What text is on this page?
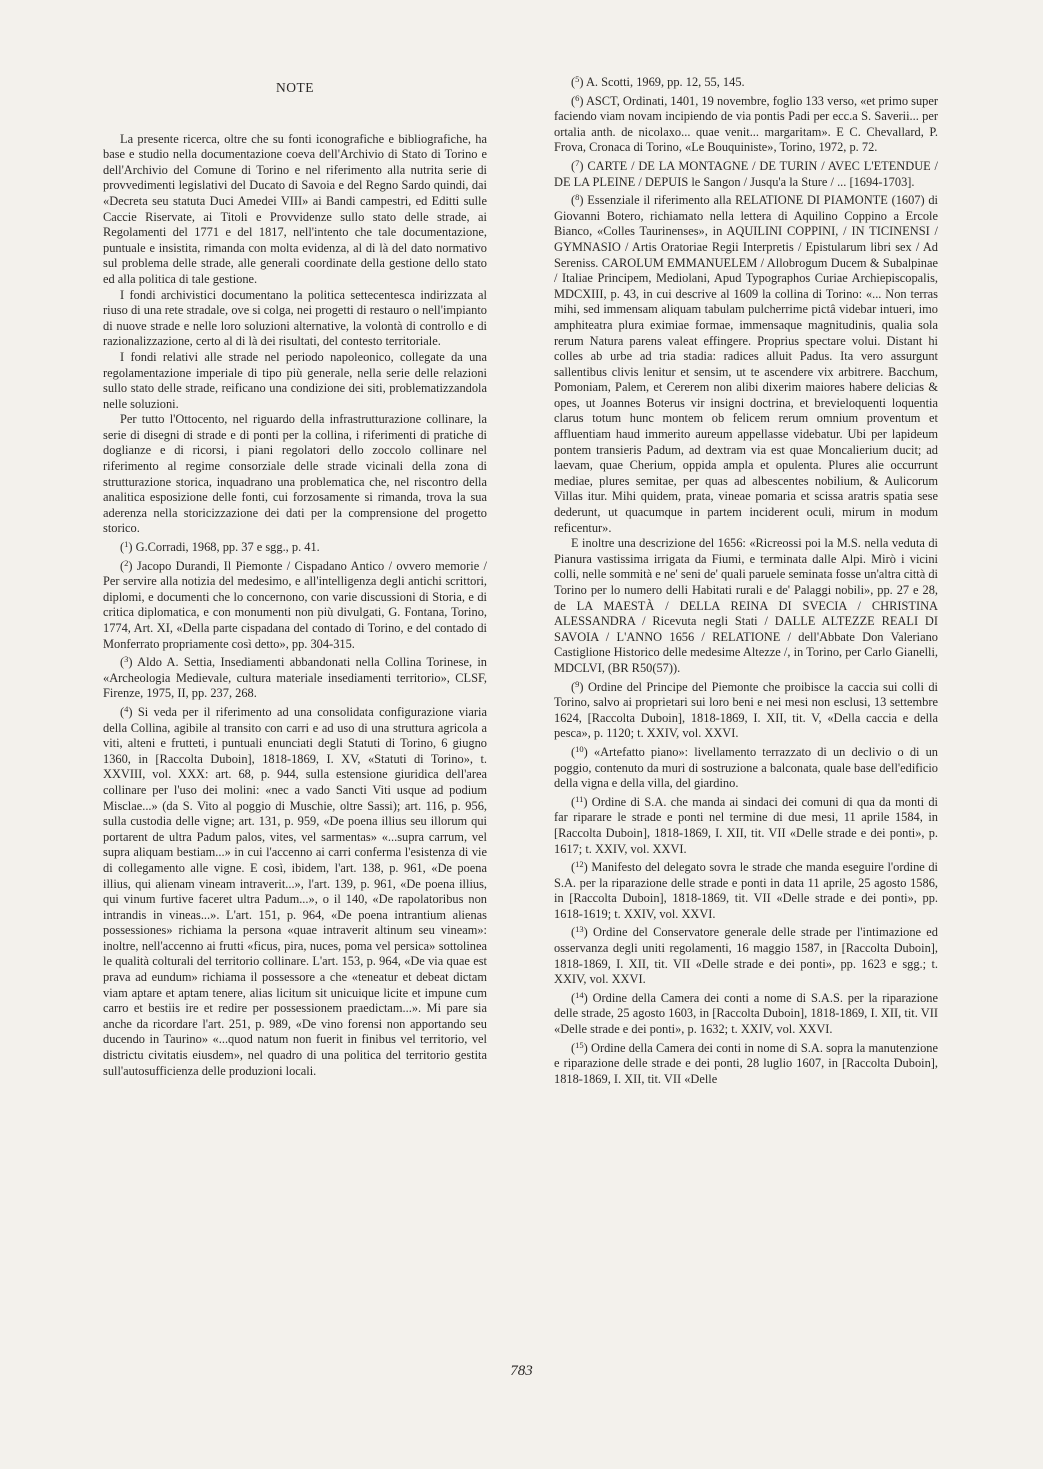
NOTE

La presente ricerca, oltre che su fonti iconografiche e bibliografiche, ha base e studio nella documentazione coeva dell'Archivio di Stato di Torino e dell'Archivio del Comune di Torino e nel riferimento alla nutrita serie di provvedimenti legislativi del Ducato di Savoia e del Regno Sardo quindi, dai «Decreta seu statuta Duci Amedei VIII» ai Bandi campestri, ed Editti sulle Caccie Riservate, ai Titoli e Provvidenze sullo stato delle strade, ai Regolamenti del 1771 e del 1817, nell'intento che tale documentazione, puntuale e insistita, rimanda con molta evidenza, al di là del dato normativo sul problema delle strade, alle generali coordinate della gestione dello stato ed alla politica di tale gestione.

I fondi archivistici documentano la politica settecentesca indirizzata al riuso di una rete stradale, ove si colga, nei progetti di restauro o nell'impianto di nuove strade e nelle loro soluzioni alternative, la volontà di controllo e di razionalizzazione, certo al di là dei risultati, del contesto territoriale.

I fondi relativi alle strade nel periodo napoleonico, collegate da una regolamentazione imperiale di tipo più generale, nella serie delle relazioni sullo stato delle strade, reificano una condizione dei siti, problematizzandola nelle soluzioni.

Per tutto l'Ottocento, nel riguardo della infrastrutturazione collinare, la serie di disegni di strade e di ponti per la collina, i riferimenti di pratiche di doglianze e di ricorsi, i piani regolatori dello zoccolo collinare nel riferimento al regime consorziale delle strade vicinali della zona di strutturazione storica, inquadrano una problematica che, nel riscontro della analitica esposizione delle fonti, cui forzosamente si rimanda, trova la sua aderenza nella storicizzazione dei dati per la comprensione del progetto storico.

($^1$) G.Corradi, 1968, pp. 37 e sgg., p. 41.
($^2$) Jacopo Durandi, Il Piemonte / Cispadano Antico / ovvero memorie / Per servire alla notizia del medesimo, e all'intelligenza degli antichi scrittori, diplomi, e documenti che lo concernono, con varie discussioni di Storia, e di critica diplomatica, e con monumenti non più divulgati, G. Fontana, Torino, 1774, Art. XI, «Della parte cispadana del contado di Torino, e del contado di Monferrato propriamente così detto», pp. 304-315.
($^3$) Aldo A. Settia, Insediamenti abbandonati nella Collina Torinese, in «Archeologia Medievale, cultura materiale insediamenti territorio», CLSF, Firenze, 1975, II, pp. 237, 268.
($^4$) Si veda per il riferimento ad una consolidata configurazione viaria della Collina, agibile al transito con carri e ad uso di una struttura agricola a viti, alteni e frutteti, i puntuali enunciati degli Statuti di Torino, 6 giugno 1360, in [Raccolta Duboin], 1818-1869, I. XV, «Statuti di Torino», t. XXVIII, vol. XXX: art. 68, p. 944, sulla estensione giuridica dell'area collinare per l'uso dei molini: «nec a vado Sancti Viti usque ad podium Misclae...» (da S. Vito al poggio di Muschie, oltre Sassi); art. 116, p. 956, sulla custodia delle vigne; art. 131, p. 959, «De poena illius seu illorum qui portarent de ultra Padum palos, vites, vel sarmentas» «...supra carrum, vel supra aliquam bestiam...» in cui l'accenno ai carri conferma l'esistenza di vie di collegamento alle vigne. E così, ibidem, l'art. 138, p. 961, «De poena illius, qui alienam vineam intraverit...», l'art. 139, p. 961, «De poena illius, qui vinum furtive faceret ultra Padum...», o il 140, «De rapolatoribus non intrandis in vineas...». L'art. 151, p. 964, «De poena intrantium alienas possessiones» richiama la persona «quae intraverit altinum seu vineam»: inoltre, nell'accenno ai frutti «ficus, pira, nuces, poma vel persica» sottolinea le qualità colturali del territorio collinare. L'art. 153, p. 964, «De via quae est prava ad eundum» richiama il possessore a che «teneatur et debeat dictam viam aptare et aptam tenere, alias licitum sit unicuique licite et impune cum carro et bestiis ire et redire per possessionem praedictam...». Mi pare sia anche da ricordare l'art. 251, p. 989, «De vino forensi non apportando seu ducendo in Taurino» «...quod natum non fuerit in finibus vel territorio, vel districtu civitatis eiusdem», nel quadro di una politica del territorio gestita sull'autosufficienza delle produzioni locali.
($^5$) A. Scotti, 1969, pp. 12, 55, 145.
($^6$) ASCT, Ordinati, 1401, 19 novembre, foglio 133 verso, «et primo super faciendo viam novam incipiendo de via pontis Padi per ecc.a S. Saverii... per ortalia anth. de nicolaxo... quae venit... margaritam». E C. Chevallard, P. Frova, Cronaca di Torino, «Le Bouquiniste», Torino, 1972, p. 72.
($^7$) CARTE / DE LA MONTAGNE / DE TURIN / AVEC L'ETENDUE / DE LA PLEINE / DEPUIS le Sangon / Jusqu'a la Sture / ... [1694-1703].
($^8$) Essenziale il riferimento alla RELATIONE DI PIAMONTE (1607) di Giovanni Botero, richiamato nella lettera di Aquilino Coppino a Ercole Bianco, «Colles Taurinenses», in AQUILINI COPPINI, / IN TICINENSI / GYMNASIO / Artis Oratoriae Regii Interpretis / Epistularum libri sex / Ad Sereniss. CAROLUM EMMANUELEM / Allobrogum Ducem & Subalpinae / Italiae Principem, Mediolani, Apud Typographos Curiae Archiepiscopalis, MDCXIII, p. 43, in cui descrive al 1609 la collina di Torino: «... Non terras mihi, sed immensam aliquam tabulam pulcherrime pictâ videbar intueri, imo amphiteatra plura eximiae formae, immensaque magnitudinis, qualia sola rerum Natura parens valeat effingere. Proprius spectare volui. Distant hi colles ab urbe ad tria stadia: radices alluit Padus. Ita vero assurgunt sallentibus clivis lenitur et sensim, ut te ascendere vix arbitrere. Bacchum, Pomoniam, Palem, et Cererem non alibi dixerim maiores habere delicias & opes, ut Joannes Boterus vir insigni doctrina, et brevieloquenti loquentia clarus totum hunc montem ob felicem rerum omnium proventum et affluentiam haud immerito aureum appellasse videbatur. Ubi per lapideum pontem transieris Padum, ad dextram via est quae Moncalierium ducit; ad laevam, quae Cherium, oppida ampla et opulenta. Plures alie occurrunt mediae, plures semitae, per quas ad albescentes nobilium, & Aulicorum Villas itur. Mihi quidem, prata, vineae pomaria et scissa aratris spatia sese dederunt, ut quacumque in partem inciderent oculi, mirum in modum reficentur».
E inoltre una descrizione del 1656: «Ricreossi poi la M.S. nella veduta di Pianura vastissima irrigata da Fiumi, e terminata dalle Alpi. Mirò i vicini colli, nelle sommità e ne' seni de' quali paruele seminata fosse un'altra città di Torino per lo numero delli Habitati rurali e de' Palaggi nobili», pp. 27 e 28, de LA MAESTÀ / DELLA REINA DI SVECIA / CHRISTINA ALESSANDRA / Ricevuta negli Stati / DALLE ALTEZZE REALI DI SAVOIA / L'ANNO 1656 / RELATIONE / dell'Abbate Don Valeriano Castiglione Historico delle medesime Altezze /, in Torino, per Carlo Gianelli, MDCLVI, (BR R50(57)).
($^9$) Ordine del Principe del Piemonte che proibisce la caccia sui colli di Torino, salvo ai proprietari sui loro beni e nei mesi non esclusi, 13 settembre 1624, [Raccolta Duboin], 1818-1869, I. XII, tit. V, «Della caccia e della pesca», p. 1120; t. XXIV, vol. XXVI.
($^{10}$) «Artefatto piano»: livellamento terrazzato di un declivio o di un poggio, contenuto da muri di sostruzione a balconata, quale base dell'edificio della vigna e della villa, del giardino.
($^{11}$) Ordine di S.A. che manda ai sindaci dei comuni di qua da monti di far riparare le strade e ponti nel termine di due mesi, 11 aprile 1584, in [Raccolta Duboin], 1818-1869, I. XII, tit. VII «Delle strade e dei ponti», p. 1617; t. XXIV, vol. XXVI.
($^{12}$) Manifesto del delegato sovra le strade che manda eseguire l'ordine di S.A. per la riparazione delle strade e ponti in data 11 aprile, 25 agosto 1586, in [Raccolta Duboin], 1818-1869, tit. VII «Delle strade e dei ponti», pp. 1618-1619; t. XXIV, vol. XXVI.
($^{13}$) Ordine del Conservatore generale delle strade per l'intimazione ed osservanza degli uniti regolamenti, 16 maggio 1587, in [Raccolta Duboin], 1818-1869, I. XII, tit. VII «Delle strade e dei ponti», pp. 1623 e sgg.; t. XXIV, vol. XXVI.
($^{14}$) Ordine della Camera dei conti a nome di S.A.S. per la riparazione delle strade, 25 agosto 1603, in [Raccolta Duboin], 1818-1869, I. XII, tit. VII «Delle strade e dei ponti», p. 1632; t. XXIV, vol. XXVI.
($^{15}$) Ordine della Camera dei conti in nome di S.A. sopra la manutenzione e riparazione delle strade e dei ponti, 28 luglio 1607, in [Raccolta Duboin], 1818-1869, I. XII, tit. VII «Delle
783
